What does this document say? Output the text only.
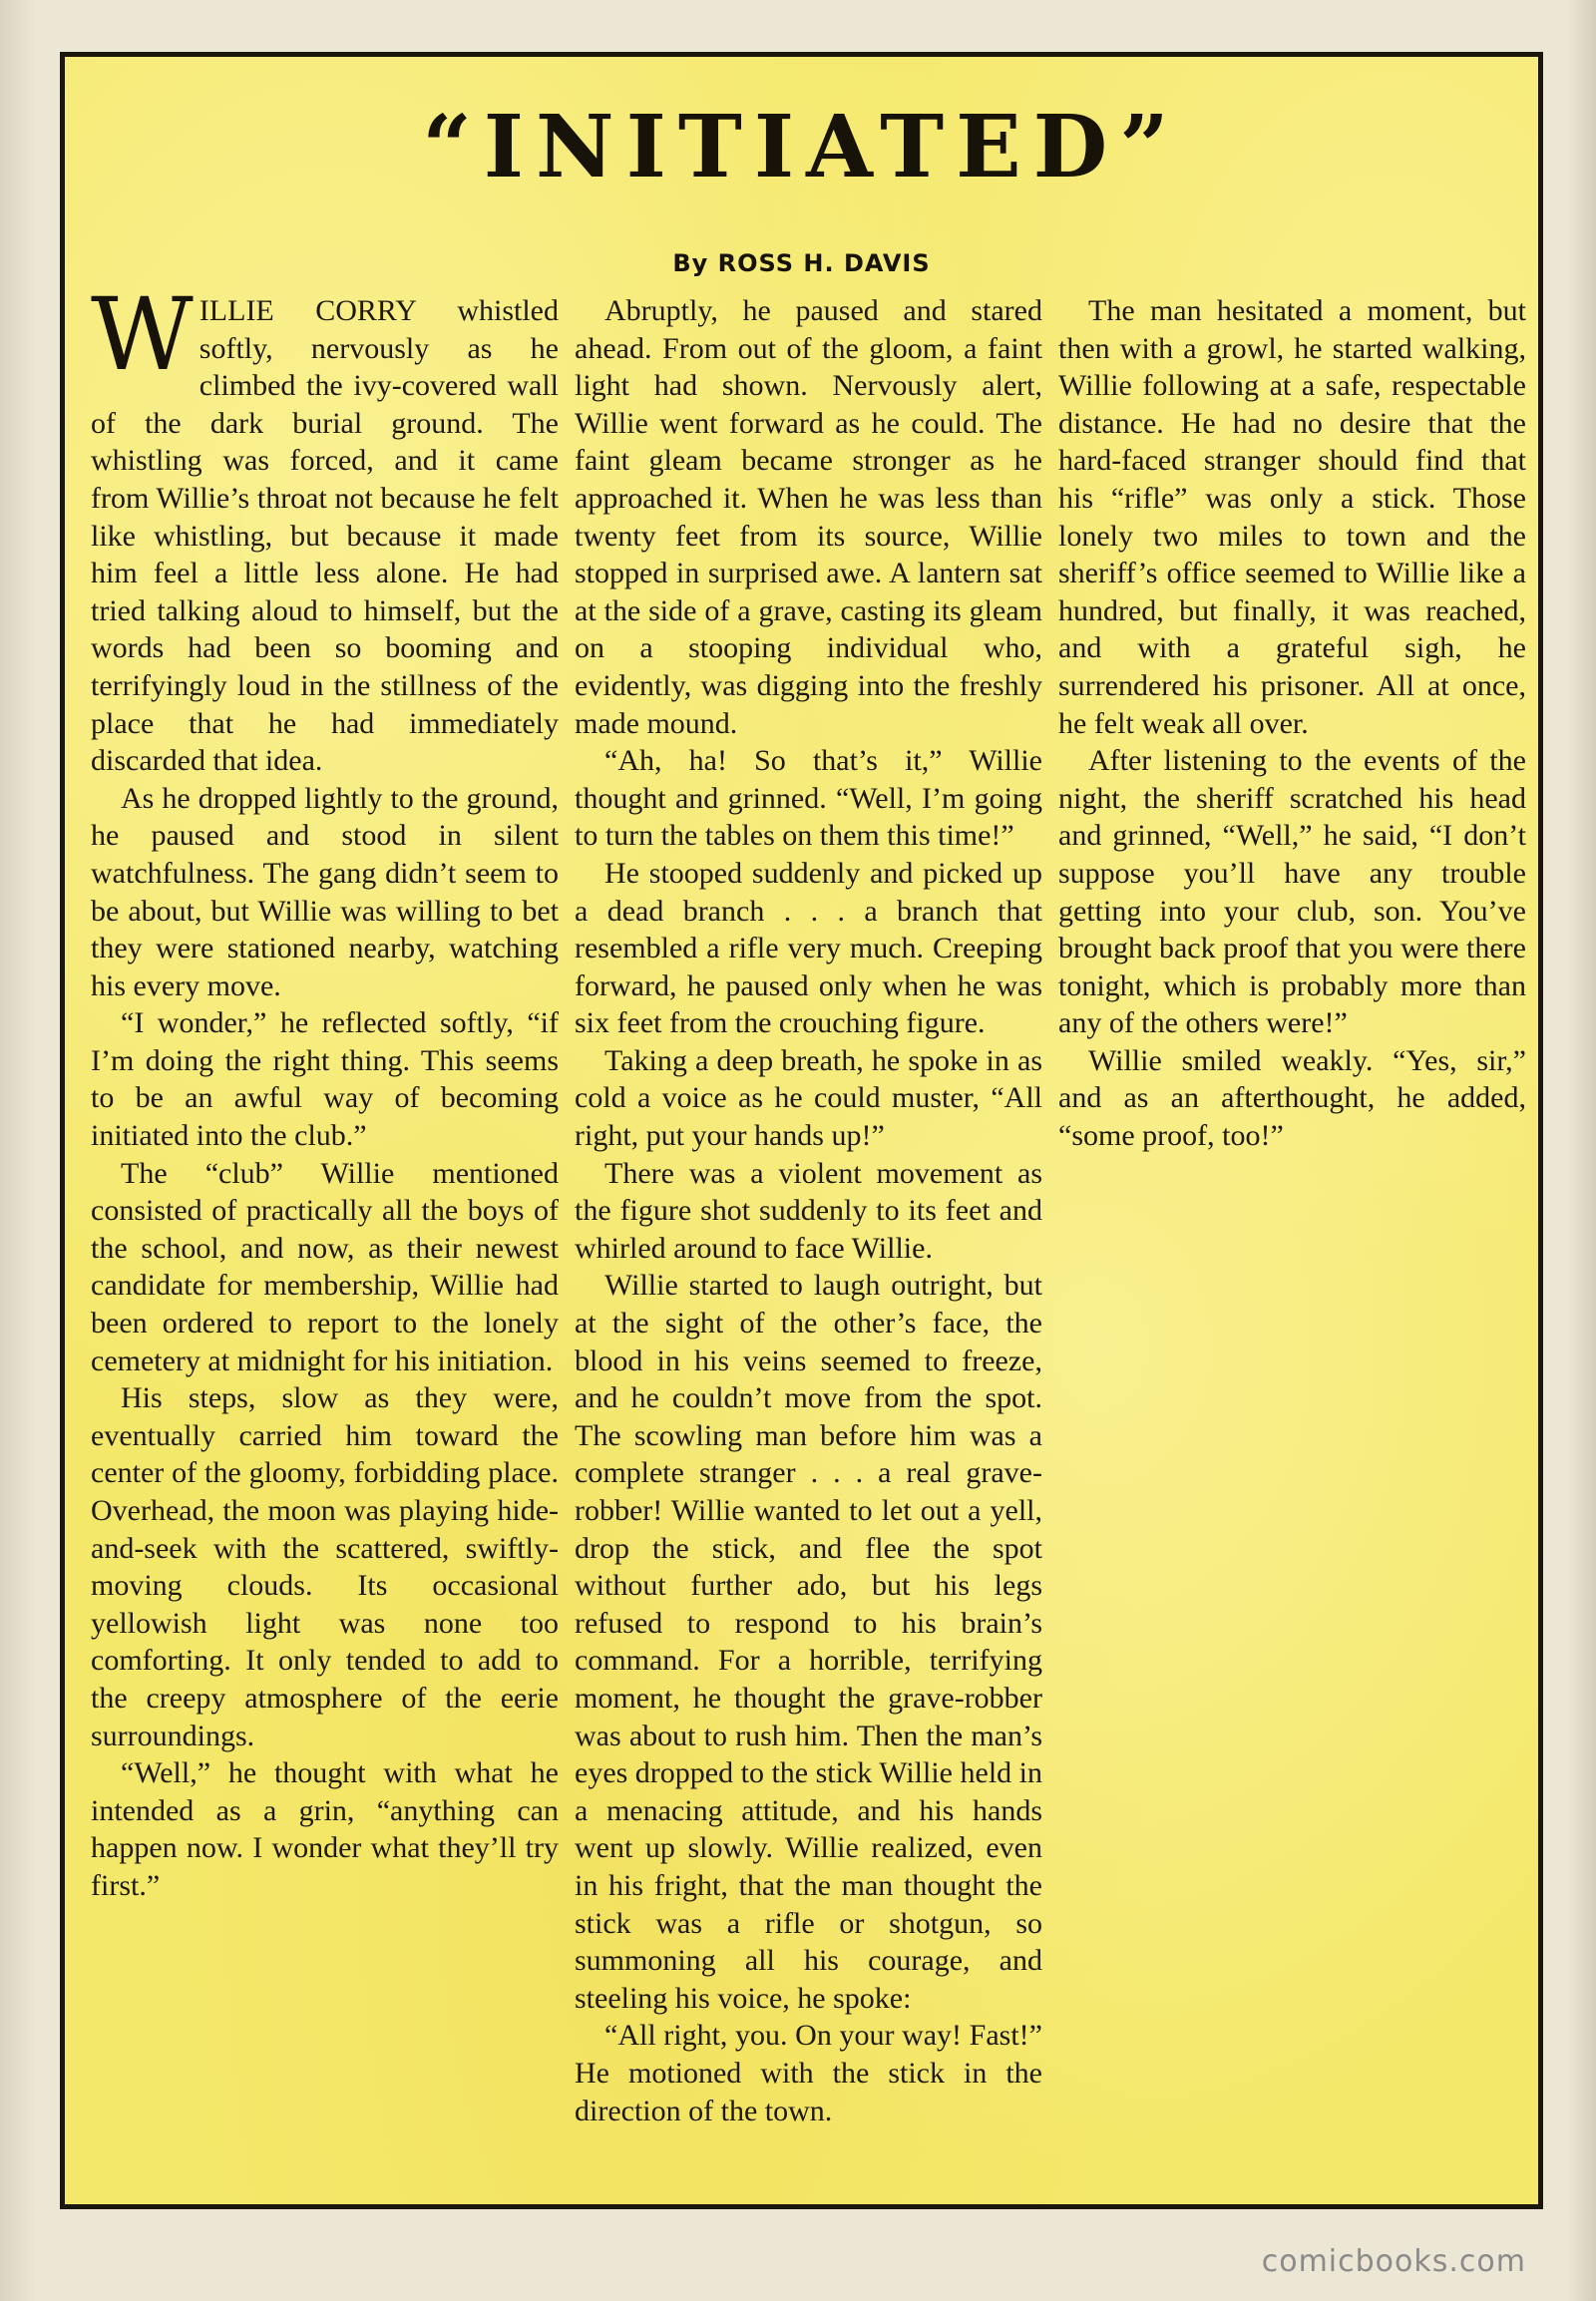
“INITIATED”
By ROSS H. DAVIS

WILLIE CORRY whistled softly, nervously as he climbed the ivy-covered wall of the dark burial ground. The whistling was forced, and it came from Willie’s throat not because he felt like whistling, but because it made him feel a little less alone. He had tried talking aloud to himself, but the words had been so booming and terrifyingly loud in the stillness of the place that he had immediately discarded that idea.

As he dropped lightly to the ground, he paused and stood in silent watchfulness. The gang didn’t seem to be about, but Willie was willing to bet they were stationed nearby, watching his every move.

“I wonder,” he reflected softly, “if I’m doing the right thing. This seems to be an awful way of becoming initiated into the club.”

The “club” Willie mentioned consisted of practically all the boys of the school, and now, as their newest candidate for membership, Willie had been ordered to report to the lonely cemetery at midnight for his initiation.

His steps, slow as they were, eventually carried him toward the center of the gloomy, forbidding place. Overhead, the moon was playing hide-and-seek with the scattered, swiftly-moving clouds. Its occasional yellowish light was none too comforting. It only tended to add to the creepy atmosphere of the eerie surroundings.

“Well,” he thought with what he intended as a grin, “anything can happen now. I wonder what they’ll try first.”

Abruptly, he paused and stared ahead. From out of the gloom, a faint light had shown. Nervously alert, Willie went forward as he could. The faint gleam became stronger as he approached it. When he was less than twenty feet from its source, Willie stopped in surprised awe. A lantern sat at the side of a grave, casting its gleam on a stooping individual who, evidently, was digging into the freshly made mound.

“Ah, ha! So that’s it,” Willie thought and grinned. “Well, I’m going to turn the tables on them this time!”

He stooped suddenly and picked up a dead branch . . . a branch that resembled a rifle very much. Creeping forward, he paused only when he was six feet from the crouching figure.

Taking a deep breath, he spoke in as cold a voice as he could muster, “All right, put your hands up!”

There was a violent movement as the figure shot suddenly to its feet and whirled around to face Willie.

Willie started to laugh outright, but at the sight of the other’s face, the blood in his veins seemed to freeze, and he couldn’t move from the spot. The scowling man before him was a complete stranger . . . a real grave-robber! Willie wanted to let out a yell, drop the stick, and flee the spot without further ado, but his legs refused to respond to his brain’s command. For a horrible, terrifying moment, he thought the grave-robber was about to rush him. Then the man’s eyes dropped to the stick Willie held in a menacing attitude, and his hands went up slowly. Willie realized, even in his fright, that the man thought the stick was a rifle or shotgun, so summoning all his courage, and steeling his voice, he spoke:

“All right, you. On your way! Fast!” He motioned with the stick in the direction of the town.

The man hesitated a moment, but then with a growl, he started walking, Willie following at a safe, respectable distance. He had no desire that the hard-faced stranger should find that his “rifle” was only a stick. Those lonely two miles to town and the sheriff’s office seemed to Willie like a hundred, but finally, it was reached, and with a grateful sigh, he surrendered his prisoner. All at once, he felt weak all over.

After listening to the events of the night, the sheriff scratched his head and grinned, “Well,” he said, “I don’t suppose you’ll have any trouble getting into your club, son. You’ve brought back proof that you were there tonight, which is probably more than any of the others were!”

Willie smiled weakly. “Yes, sir,” and as an afterthought, he added, “some proof, too!”

comicbooks.com
